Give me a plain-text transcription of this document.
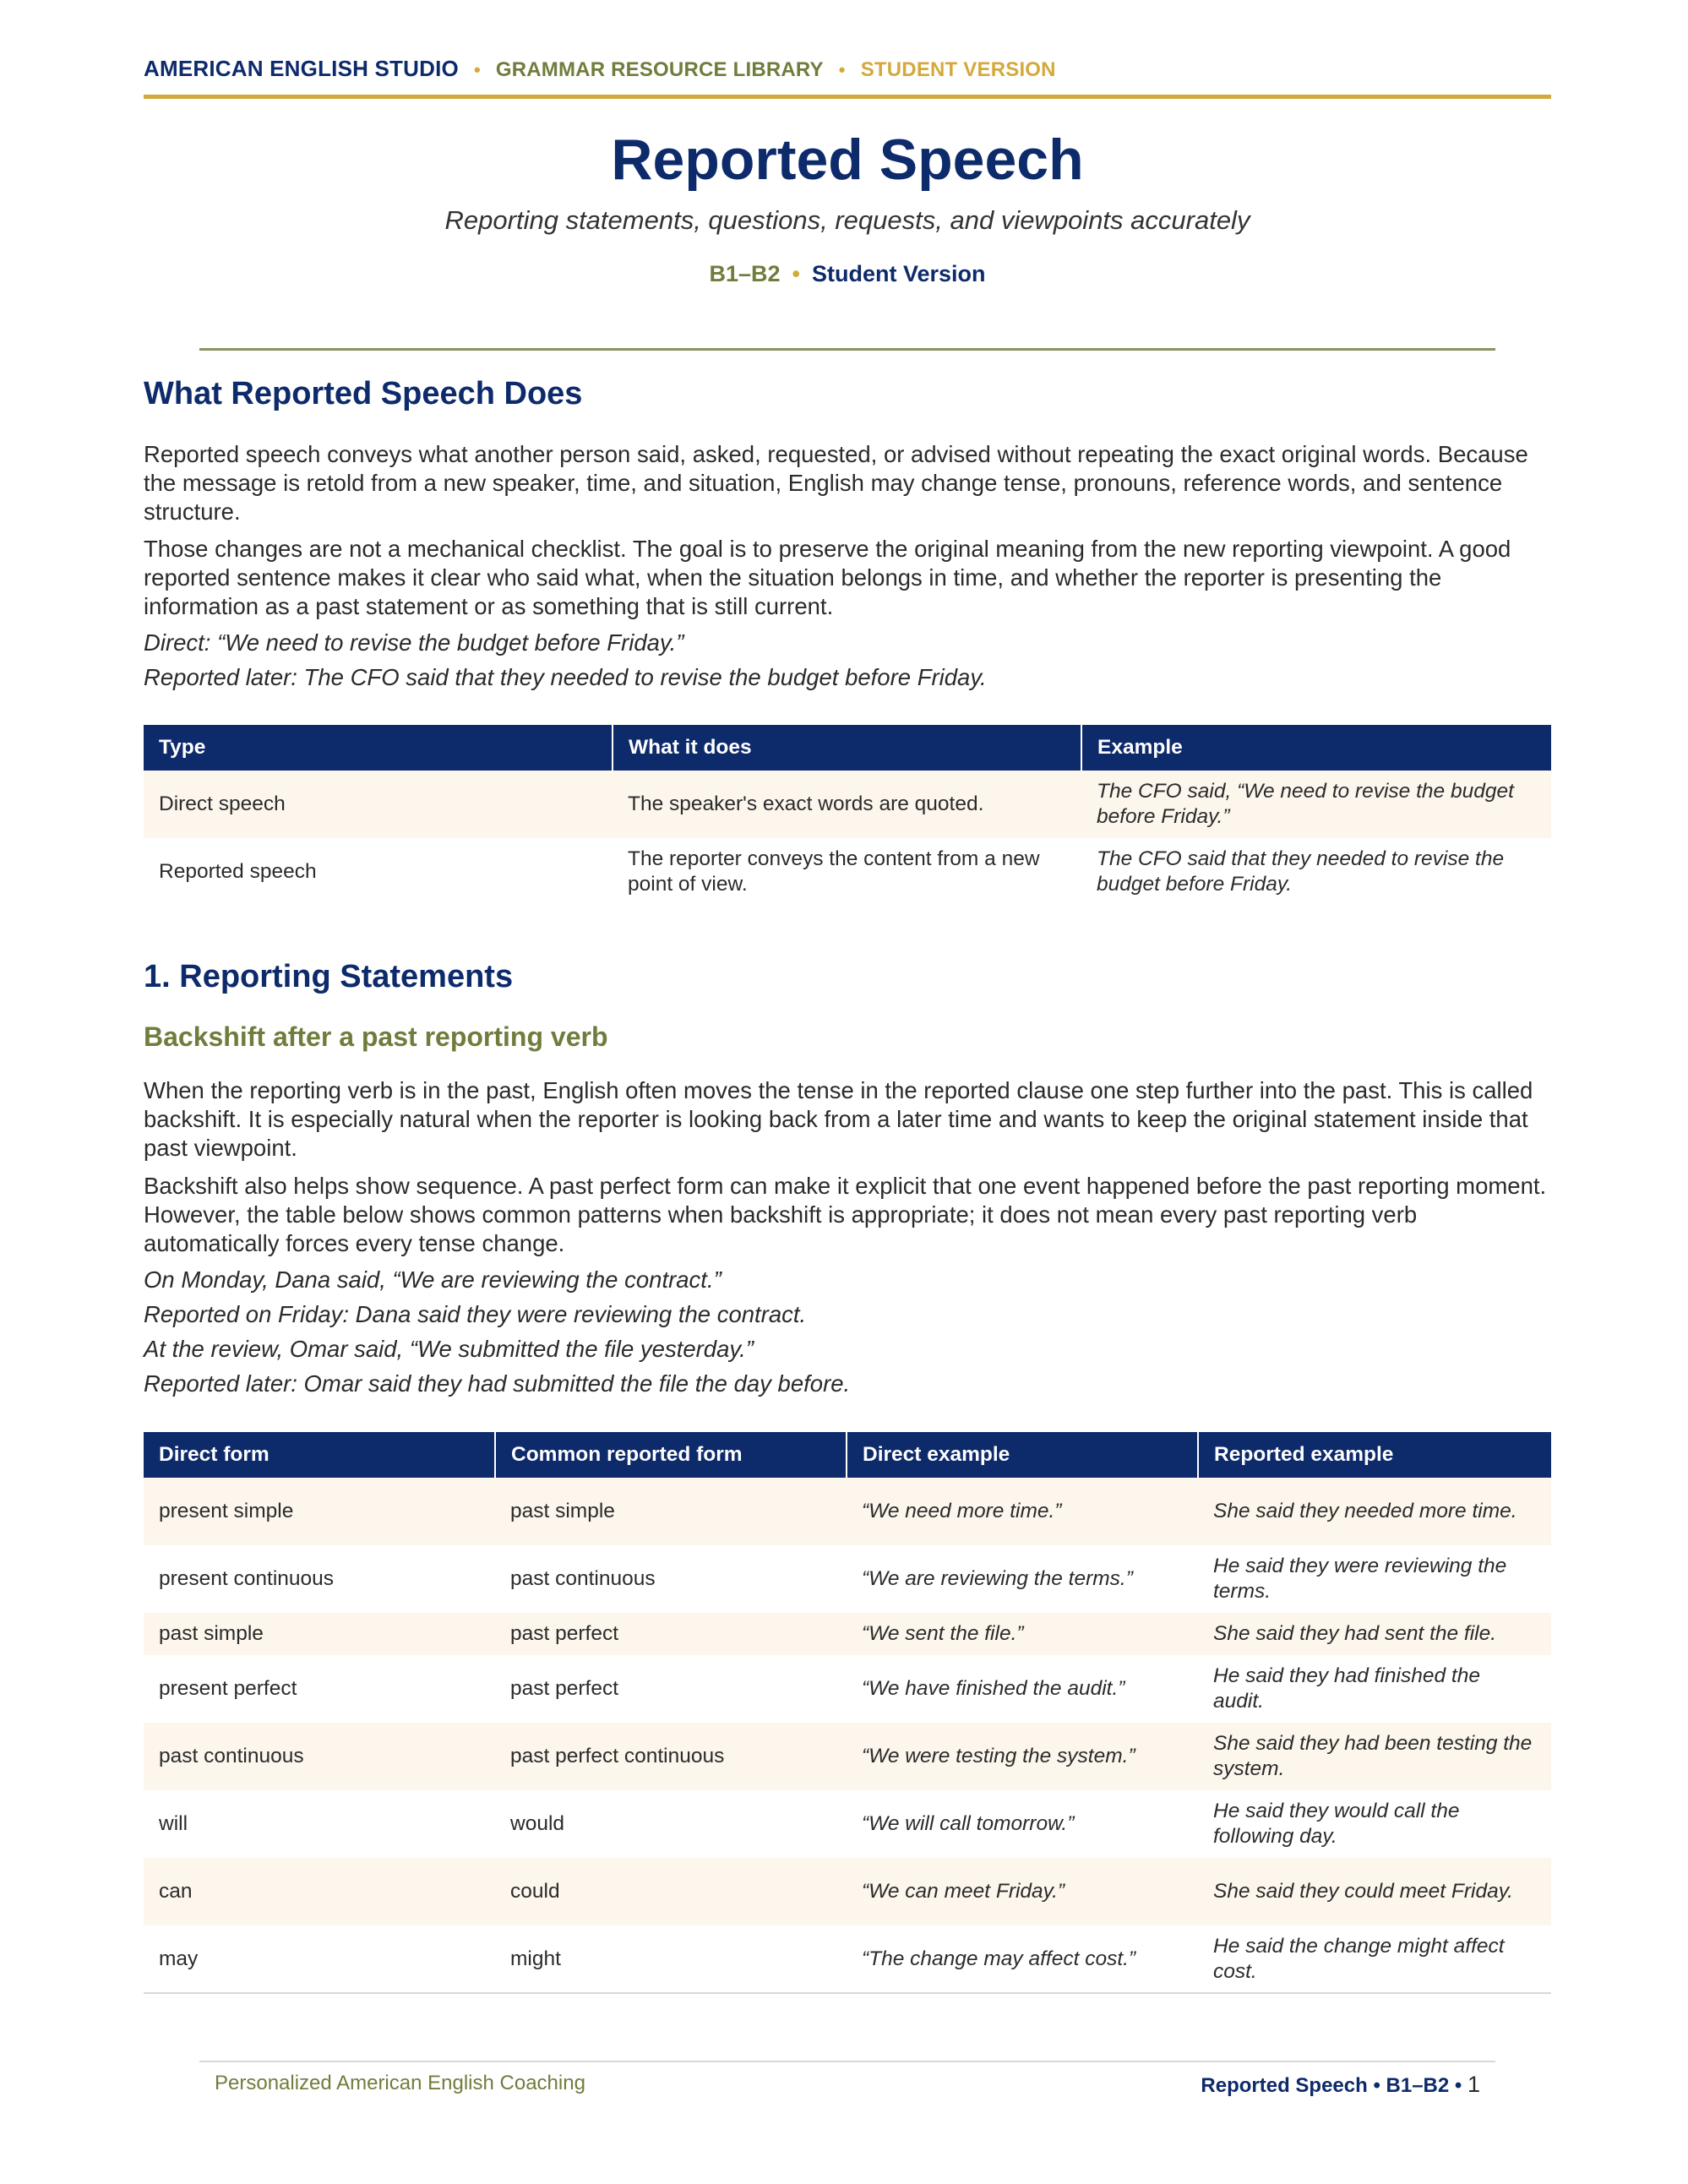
AMERICAN ENGLISH STUDIO • GRAMMAR RESOURCE LIBRARY • STUDENT VERSION
Reported Speech
Reporting statements, questions, requests, and viewpoints accurately
B1–B2 • Student Version
What Reported Speech Does

Reported speech conveys what another person said, asked, requested, or advised without repeating the exact original words. Because the message is retold from a new speaker, time, and situation, English may change tense, pronouns, reference words, and sentence structure.

Those changes are not a mechanical checklist. The goal is to preserve the original meaning from the new reporting viewpoint. A good reported sentence makes it clear who said what, when the situation belongs in time, and whether the reporter is presenting the information as a past statement or as something that is still current.

Direct: “We need to revise the budget before Friday.”

Reported later: The CFO said that they needed to revise the budget before Friday.

Type	What it does	Example
Direct speech	The speaker's exact words are quoted.	The CFO said, “We need to revise the budget before Friday.”
Reported speech	The reporter conveys the content from a new point of view.	The CFO said that they needed to revise the budget before Friday.
1. Reporting Statements
Backshift after a past reporting verb

When the reporting verb is in the past, English often moves the tense in the reported clause one step further into the past. This is called backshift. It is especially natural when the reporter is looking back from a later time and wants to keep the original statement inside that past viewpoint.

Backshift also helps show sequence. A past perfect form can make it explicit that one event happened before the past reporting moment. However, the table below shows common patterns when backshift is appropriate; it does not mean every past reporting verb automatically forces every tense change.

On Monday, Dana said, “We are reviewing the contract.”

Reported on Friday: Dana said they were reviewing the contract.

At the review, Omar said, “We submitted the file yesterday.”

Reported later: Omar said they had submitted the file the day before.

Direct form	Common reported form	Direct example	Reported example
present simple	past simple	“We need more time.”	She said they needed more time.
present continuous	past continuous	“We are reviewing the terms.”	He said they were reviewing the terms.
past simple	past perfect	“We sent the file.”	She said they had sent the file.
present perfect	past perfect	“We have finished the audit.”	He said they had finished the audit.
past continuous	past perfect continuous	“We were testing the system.”	She said they had been testing the system.
will	would	“We will call tomorrow.”	He said they would call the following day.
can	could	“We can meet Friday.”	She said they could meet Friday.
may	might	“The change may affect cost.”	He said the change might affect cost.
Personalized American English Coaching	Reported Speech • B1–B2 • 1
